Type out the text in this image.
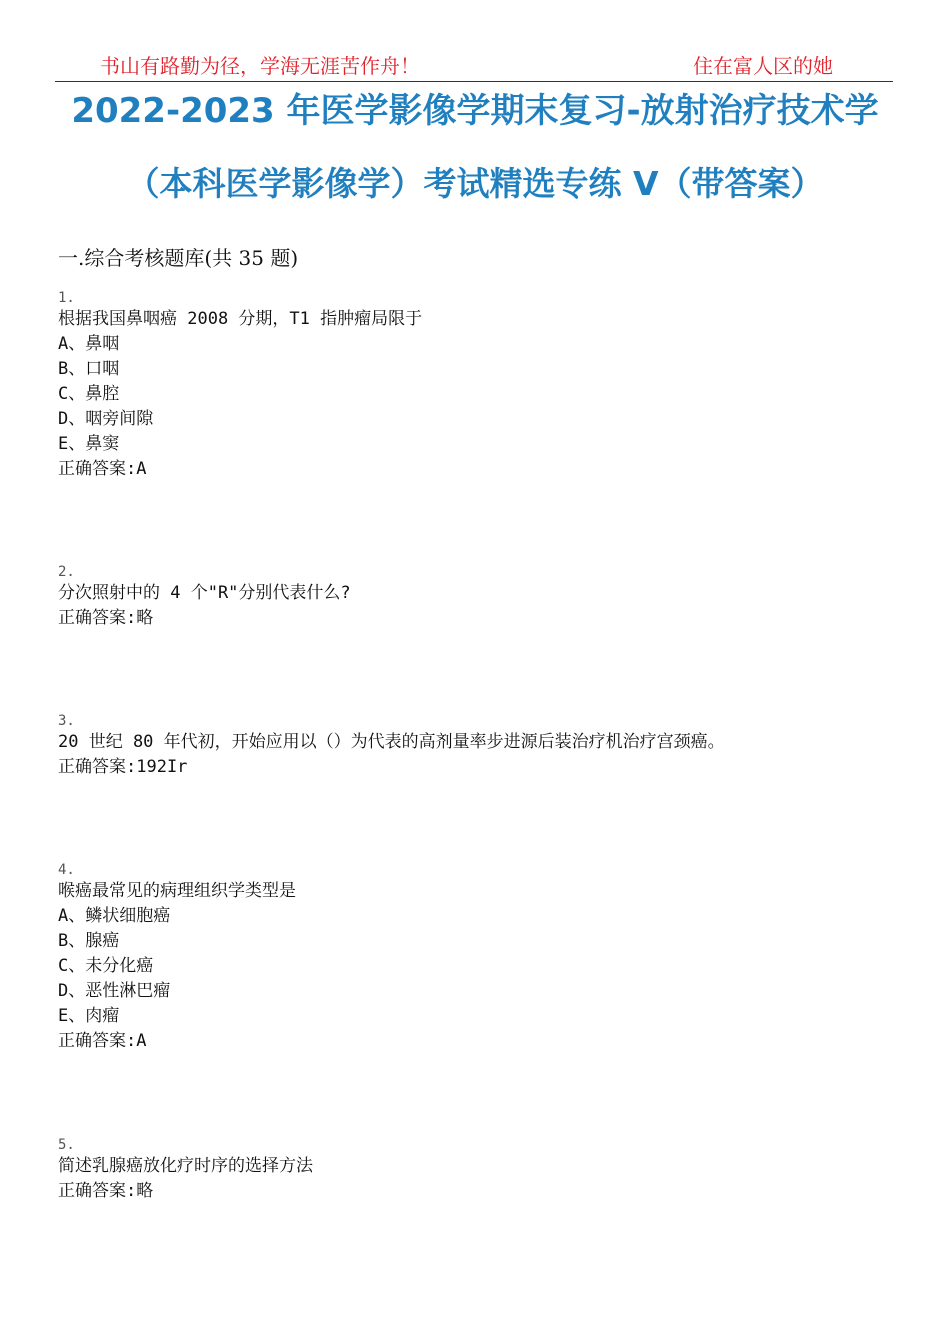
书山有路勤为径，学海无涯苦作舟！	住在富人区的她
2022-2023 年医学影像学期末复习-放射治疗技术学
（本科医学影像学）考试精选专练 V（带答案）
一.综合考核题库(共 35 题)
1.
根据我国鼻咽癌 2008 分期，T1 指肿瘤局限于
A、鼻咽
B、口咽
C、鼻腔
D、咽旁间隙
E、鼻窦
正确答案:A
2.
分次照射中的 4 个"R"分别代表什么?
正确答案:略
3.
20 世纪 80 年代初，开始应用以（）为代表的高剂量率步进源后装治疗机治疗宫颈癌。
正确答案:192Ir
4.
喉癌最常见的病理组织学类型是
A、鳞状细胞癌
B、腺癌
C、未分化癌
D、恶性淋巴瘤
E、肉瘤
正确答案:A
5.
简述乳腺癌放化疗时序的选择方法
正确答案:略
